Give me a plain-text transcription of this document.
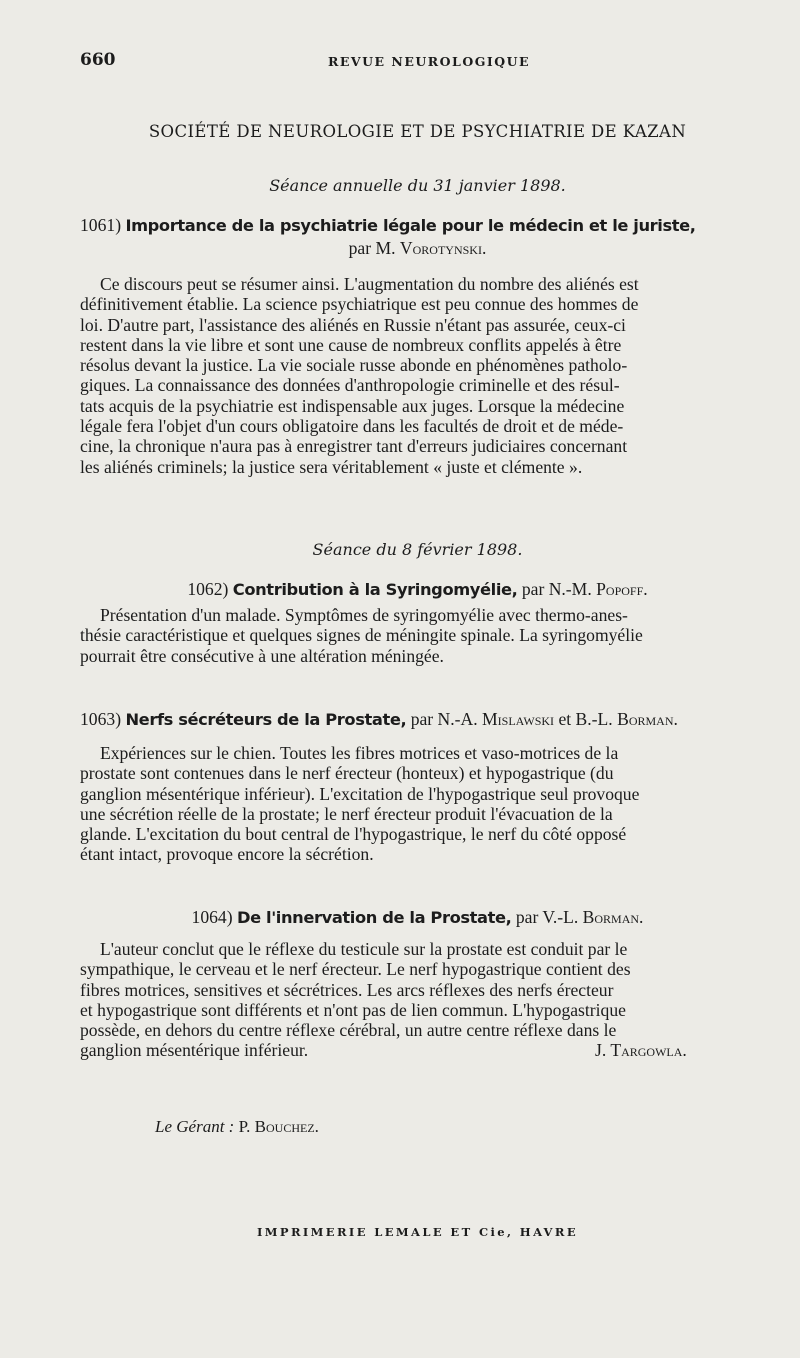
660	REVUE NEUROLOGIQUE
SOCIÉTÉ DE NEUROLOGIE ET DE PSYCHIATRIE DE KAZAN
Séance annuelle du 31 janvier 1898.
1061) Importance de la psychiatrie légale pour le médecin et le juriste,
par M. Vorotynski.

Ce discours peut se résumer ainsi. L'augmentation du nombre des aliénés est

définitivement établie. La science psychiatrique est peu connue des hommes de

loi. D'autre part, l'assistance des aliénés en Russie n'étant pas assurée, ceux-ci

restent dans la vie libre et sont une cause de nombreux conflits appelés à être

résolus devant la justice. La vie sociale russe abonde en phénomènes patholo-

giques. La connaissance des données d'anthropologie criminelle et des résul-

tats acquis de la psychiatrie est indispensable aux juges. Lorsque la médecine

légale fera l'objet d'un cours obligatoire dans les facultés de droit et de méde-

cine, la chronique n'aura pas à enregistrer tant d'erreurs judiciaires concernant

les aliénés criminels; la justice sera véritablement « juste et clémente ».

Séance du 8 février 1898.
1062) Contribution à la Syringomyélie, par N.-M. Popoff.

Présentation d'un malade. Symptômes de syringomyélie avec thermo-anes-

thésie caractéristique et quelques signes de méningite spinale. La syringomyélie

pourrait être consécutive à une altération méningée.

1063) Nerfs sécréteurs de la Prostate, par N.-A. Mislawski et B.-L. Borman.

Expériences sur le chien. Toutes les fibres motrices et vaso-motrices de la

prostate sont contenues dans le nerf érecteur (honteux) et hypogastrique (du

ganglion mésentérique inférieur). L'excitation de l'hypogastrique seul provoque

une sécrétion réelle de la prostate; le nerf érecteur produit l'évacuation de la

glande. L'excitation du bout central de l'hypogastrique, le nerf du côté opposé

étant intact, provoque encore la sécrétion.

1064) De l'innervation de la Prostate, par V.-L. Borman.

L'auteur conclut que le réflexe du testicule sur la prostate est conduit par le

sympathique, le cerveau et le nerf érecteur. Le nerf hypogastrique contient des

fibres motrices, sensitives et sécrétrices. Les arcs réflexes des nerfs érecteur

et hypogastrique sont différents et n'ont pas de lien commun. L'hypogastrique

possède, en dehors du centre réflexe cérébral, un autre centre réflexe dans le

ganglion mésentérique inférieur.	J. Targowla.

Le Gérant : P. Bouchez.
IMPRIMERIE LEMALE ET Cie, HAVRE
